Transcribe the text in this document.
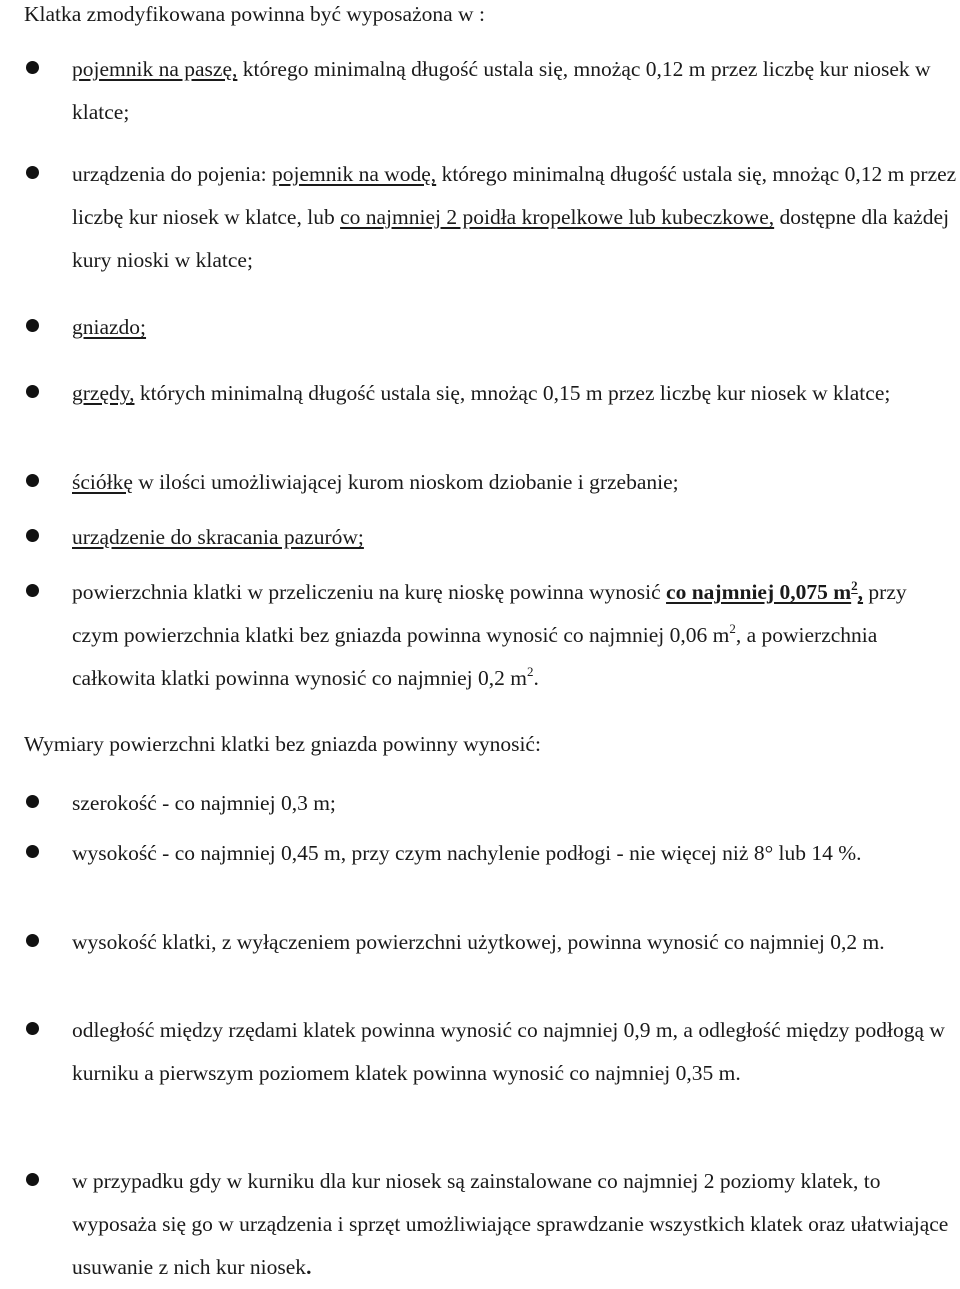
Klatka zmodyfikowana powinna być wyposażona w :

pojemnik na paszę, którego minimalną długość ustala się, mnożąc 0,12 m przez liczbę kur niosek w klatce;
urządzenia do pojenia: pojemnik na wodę, którego minimalną długość ustala się, mnożąc 0,12 m przez liczbę kur niosek w klatce, lub co najmniej 2 poidła kropelkowe lub kubeczkowe, dostępne dla każdej kury nioski w klatce;
gniazdo;
grzędy, których minimalną długość ustala się, mnożąc 0,15 m przez liczbę kur niosek w klatce;
ściółkę w ilości umożliwiającej kurom nioskom dziobanie i grzebanie;
urządzenie do skracania pazurów;
powierzchnia klatki w przeliczeniu na kurę nioskę powinna wynosić co najmniej 0,075 $m^2$, przy czym powierzchnia klatki bez gniazda powinna wynosić co najmniej 0,06 $m^2$, a powierzchnia całkowita klatki powinna wynosić co najmniej 0,2 $m^2$.

Wymiary powierzchni klatki bez gniazda powinny wynosić:

szerokość - co najmniej 0,3 m;
wysokość - co najmniej 0,45 m, przy czym nachylenie podłogi - nie więcej niż 8° lub 14 %.
wysokość klatki, z wyłączeniem powierzchni użytkowej, powinna wynosić co najmniej 0,2 m.
odległość między rzędami klatek powinna wynosić co najmniej 0,9 m, a odległość między podłogą w kurniku a pierwszym poziomem klatek powinna wynosić co najmniej 0,35 m.
w przypadku gdy w kurniku dla kur niosek są zainstalowane co najmniej 2 poziomy klatek, to wyposaża się go w urządzenia i sprzęt umożliwiające sprawdzanie wszystkich klatek oraz ułatwiające usuwanie z nich kur niosek.
